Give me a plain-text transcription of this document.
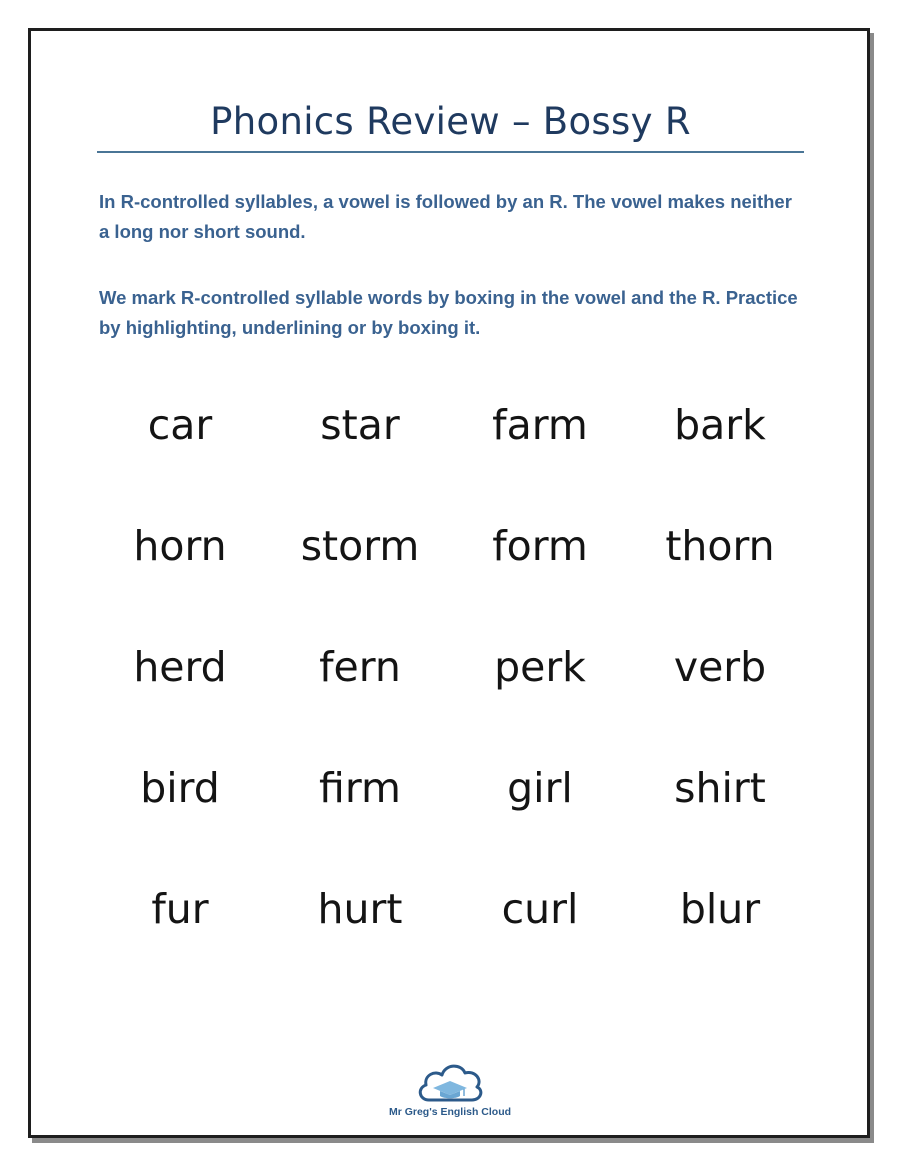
Phonics Review – Bossy R
In R-controlled syllables, a vowel is followed by an R. The vowel makes neither a long nor short sound.
We mark R-controlled syllable words by boxing in the vowel and the R. Practice by highlighting, underlining or by boxing it.
car	star	farm	bark
horn	storm	form	thorn
herd	fern	perk	verb
bird	firm	girl	shirt
fur	hurt	curl	blur
Mr Greg's English Cloud
